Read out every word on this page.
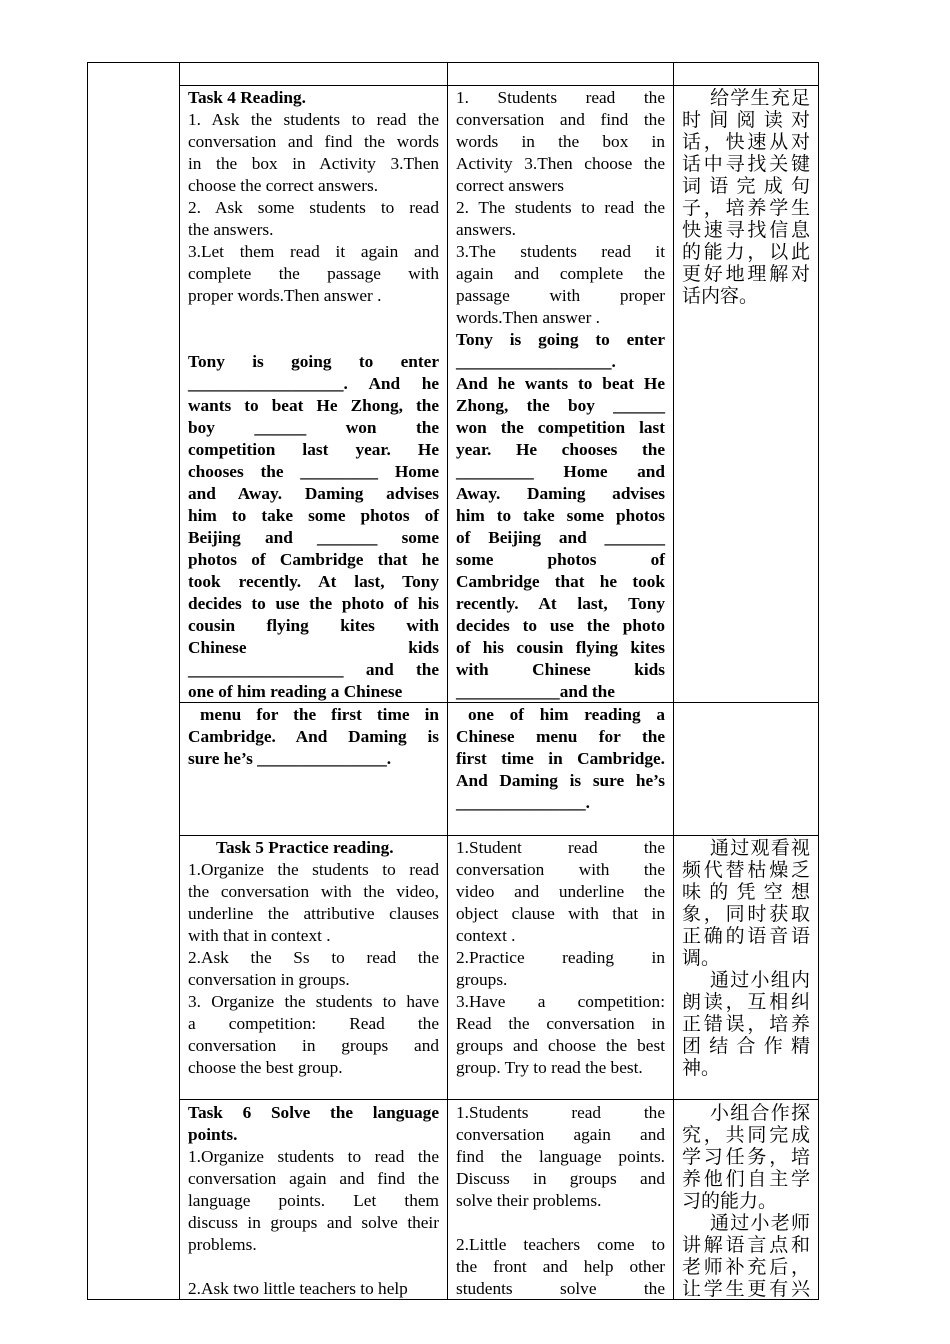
Task 4 Reading.
1. Ask the students to read the
conversation and find the words
in the box in Activity 3.Then
choose the correct answers.
2. Ask some students to read
the answers.
3.Let them read it again and
complete the passage with
proper words.Then answer .
Tony is going to enter
__________________. And he
wants to beat He Zhong, the
boy ______ won the
competition last year. He
chooses the _________ Home
and Away. Daming advises
him to take some photos of
Beijing and _______ some
photos of Cambridge that he
took recently. At last, Tony
decides to use the photo of his
cousin flying kites with
Chinese kids
__________________ and the
one of him reading a Chinese
1. Students read the
conversation and find the
words in the box in
Activity 3.Then choose the
correct answers
2. The students to read the
answers.
3.The students read it
again and complete the
passage with proper
words.Then answer .
Tony is going to enter
__________________.
And he wants to beat He
Zhong, the boy ______
won the competition last
year. He chooses the
_________ Home and
Away. Daming advises
him to take some photos
of Beijing and _______
some photos of
Cambridge that he took
recently. At last, Tony
decides to use the photo
of his cousin flying kites
with Chinese kids
____________and the
给学生充足
时间阅读对
话，快速从对
话中寻找关键
词语完成句
子，培养学生
快速寻找信息
的能力，以此
更好地理解对
话内容。
menu for the first time in
Cambridge. And Daming is
sure he’s _______________.
one of him reading a
Chinese menu for the
first time in Cambridge.
And Daming is sure he’s
_______________.
Task 5 Practice reading.
1.Organize the students to read
the conversation with the video,
underline the attributive clauses
with that in context .
2.Ask the Ss to read the
conversation in groups.
3. Organize the students to have
a competition: Read the
conversation in groups and
choose the best group.
1.Student read the
conversation with the
video and underline the
object clause with that in
context .
2.Practice reading in
groups.
3.Have a competition:
Read the conversation in
groups and choose the best
group. Try to read the best.
通过观看视
频代替枯燥乏
味的凭空想
象，同时获取
正确的语音语
调。
通过小组内
朗读，互相纠
正错误，培养
团结合作精
神。
Task 6 Solve the language
points.
1.Organize students to read the
conversation again and find the
language points. Let them
discuss in groups and solve their
problems.
2.Ask two little teachers to help
1.Students read the
conversation again and
find the language points.
Discuss in groups and
solve their problems.
2.Little teachers come to
the front and help other
students solve the
小组合作探
究，共同完成
学习任务，培
养他们自主学
习的能力。
通过小老师
讲解语言点和
老师补充后，
让学生更有兴
